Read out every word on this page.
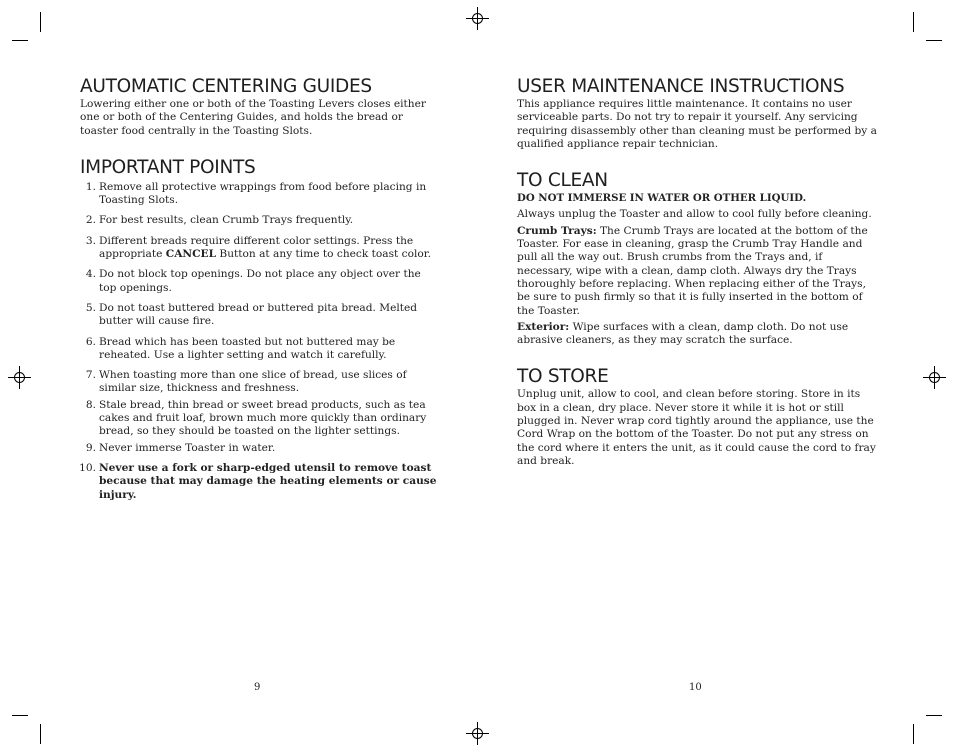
AUTOMATIC CENTERING GUIDES

Lowering either one or both of the Toasting Levers closes either one or both of the Centering Guides, and holds the bread or toaster food centrally in the Toasting Slots.

IMPORTANT POINTS
1. Remove all protective wrappings from food before placing in Toasting Slots.
2. For best results, clean Crumb Trays frequently.
3. Different breads require different color settings. Press the appropriate CANCEL Button at any time to check toast color.
4. Do not block top openings. Do not place any object over the top openings.
5. Do not toast buttered bread or buttered pita bread. Melted butter will cause fire.
6. Bread which has been toasted but not buttered may be reheated. Use a lighter setting and watch it carefully.
7. When toasting more than one slice of bread, use slices of similar size, thickness and freshness.
8. Stale bread, thin bread or sweet bread products, such as tea cakes and fruit loaf, brown much more quickly than ordinary bread, so they should be toasted on the lighter settings.
9. Never immerse Toaster in water.
10. Never use a fork or sharp-edged utensil to remove toast because that may damage the heating elements or cause injury.
9
USER MAINTENANCE INSTRUCTIONS

This appliance requires little maintenance. It contains no user serviceable parts. Do not try to repair it yourself. Any servicing requiring disassembly other than cleaning must be performed by a qualified appliance repair technician.

TO CLEAN

DO NOT IMMERSE IN WATER OR OTHER LIQUID.

Always unplug the Toaster and allow to cool fully before cleaning.

Crumb Trays: The Crumb Trays are located at the bottom of the Toaster. For ease in cleaning, grasp the Crumb Tray Handle and pull all the way out. Brush crumbs from the Trays and, if necessary, wipe with a clean, damp cloth. Always dry the Trays thoroughly before replacing. When replacing either of the Trays, be sure to push firmly so that it is fully inserted in the bottom of the Toaster.

Exterior: Wipe surfaces with a clean, damp cloth. Do not use abrasive cleaners, as they may scratch the surface.

TO STORE

Unplug unit, allow to cool, and clean before storing. Store in its box in a clean, dry place. Never store it while it is hot or still plugged in. Never wrap cord tightly around the appliance, use the Cord Wrap on the bottom of the Toaster. Do not put any stress on the cord where it enters the unit, as it could cause the cord to fray and break.

10
